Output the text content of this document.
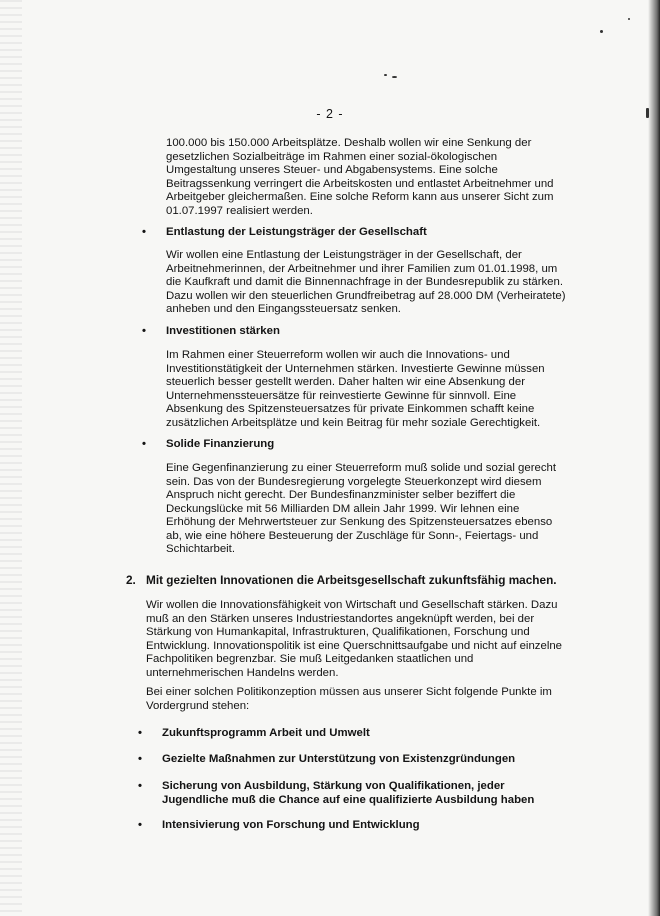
- 2 -

100.000 bis 150.000 Arbeitsplätze. Deshalb wollen wir eine Senkung der gesetzlichen Sozialbeiträge im Rahmen einer sozial-ökologischen Umgestaltung unseres Steuer- und Abgabensystems. Eine solche Beitragssenkung verringert die Arbeitskosten und entlastet Arbeitnehmer und Arbeitgeber gleichermaßen. Eine solche Reform kann aus unserer Sicht zum 01.07.1997 realisiert werden.

• Entlastung der Leistungsträger der Gesellschaft

Wir wollen eine Entlastung der Leistungsträger in der Gesellschaft, der Arbeitnehmerinnen, der Arbeitnehmer und ihrer Familien zum 01.01.1998, um die Kaufkraft und damit die Binnennachfrage in der Bundesrepublik zu stärken. Dazu wollen wir den steuerlichen Grundfreibetrag auf 28.000 DM (Verheiratete) anheben und den Eingangssteuersatz senken.

• Investitionen stärken

Im Rahmen einer Steuerreform wollen wir auch die Innovations- und Investitionstätigkeit der Unternehmen stärken. Investierte Gewinne müssen steuerlich besser gestellt werden. Daher halten wir eine Absenkung der Unternehmenssteuersätze für reinvestierte Gewinne für sinnvoll. Eine Absenkung des Spitzensteuersatzes für private Einkommen schafft keine zusätzlichen Arbeitsplätze und kein Beitrag für mehr soziale Gerechtigkeit.

• Solide Finanzierung

Eine Gegenfinanzierung zu einer Steuerreform muß solide und sozial gerecht sein. Das von der Bundesregierung vorgelegte Steuerkonzept wird diesem Anspruch nicht gerecht. Der Bundesfinanzminister selber beziffert die Deckungslücke mit 56 Milliarden DM allein Jahr 1999. Wir lehnen eine Erhöhung der Mehrwertsteuer zur Senkung des Spitzensteuersatzes ebenso ab, wie eine höhere Besteuerung der Zuschläge für Sonn-, Feiertags- und Schichtarbeit.

2. Mit gezielten Innovationen die Arbeitsgesellschaft zukunftsfähig machen.

Wir wollen die Innovationsfähigkeit von Wirtschaft und Gesellschaft stärken. Dazu muß an den Stärken unseres Industriestandortes angeknüpft werden, bei der Stärkung von Humankapital, Infrastrukturen, Qualifikationen, Forschung und Entwicklung. Innovationspolitik ist eine Querschnittsaufgabe und nicht auf einzelne Fachpolitiken begrenzbar. Sie muß Leitgedanken staatlichen und unternehmerischen Handelns werden.

Bei einer solchen Politikonzeption müssen aus unserer Sicht folgende Punkte im Vordergrund stehen:

• Zukunftsprogramm Arbeit und Umwelt
• Gezielte Maßnahmen zur Unterstützung von Existenzgründungen
• Sicherung von Ausbildung, Stärkung von Qualifikationen, jeder Jugendliche muß die Chance auf eine qualifizierte Ausbildung haben
• Intensivierung von Forschung und Entwicklung
